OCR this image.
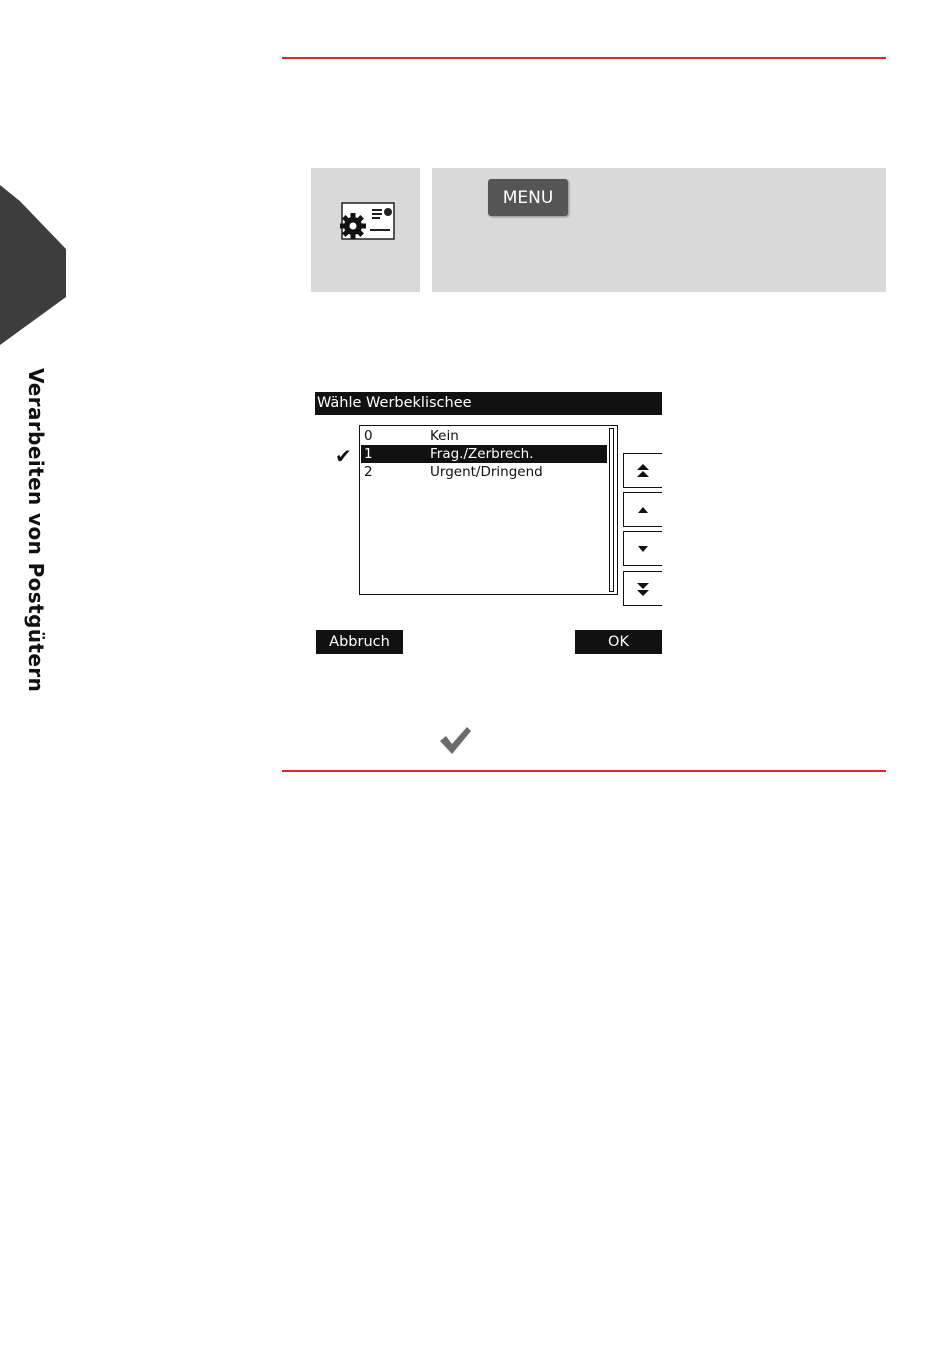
Verarbeiten von Postgütern
MENU
Wähle Werbeklischee
✔
0	Kein
1	Frag./Zerbrech.
2	Urgent/Dringend
Abbruch	OK
